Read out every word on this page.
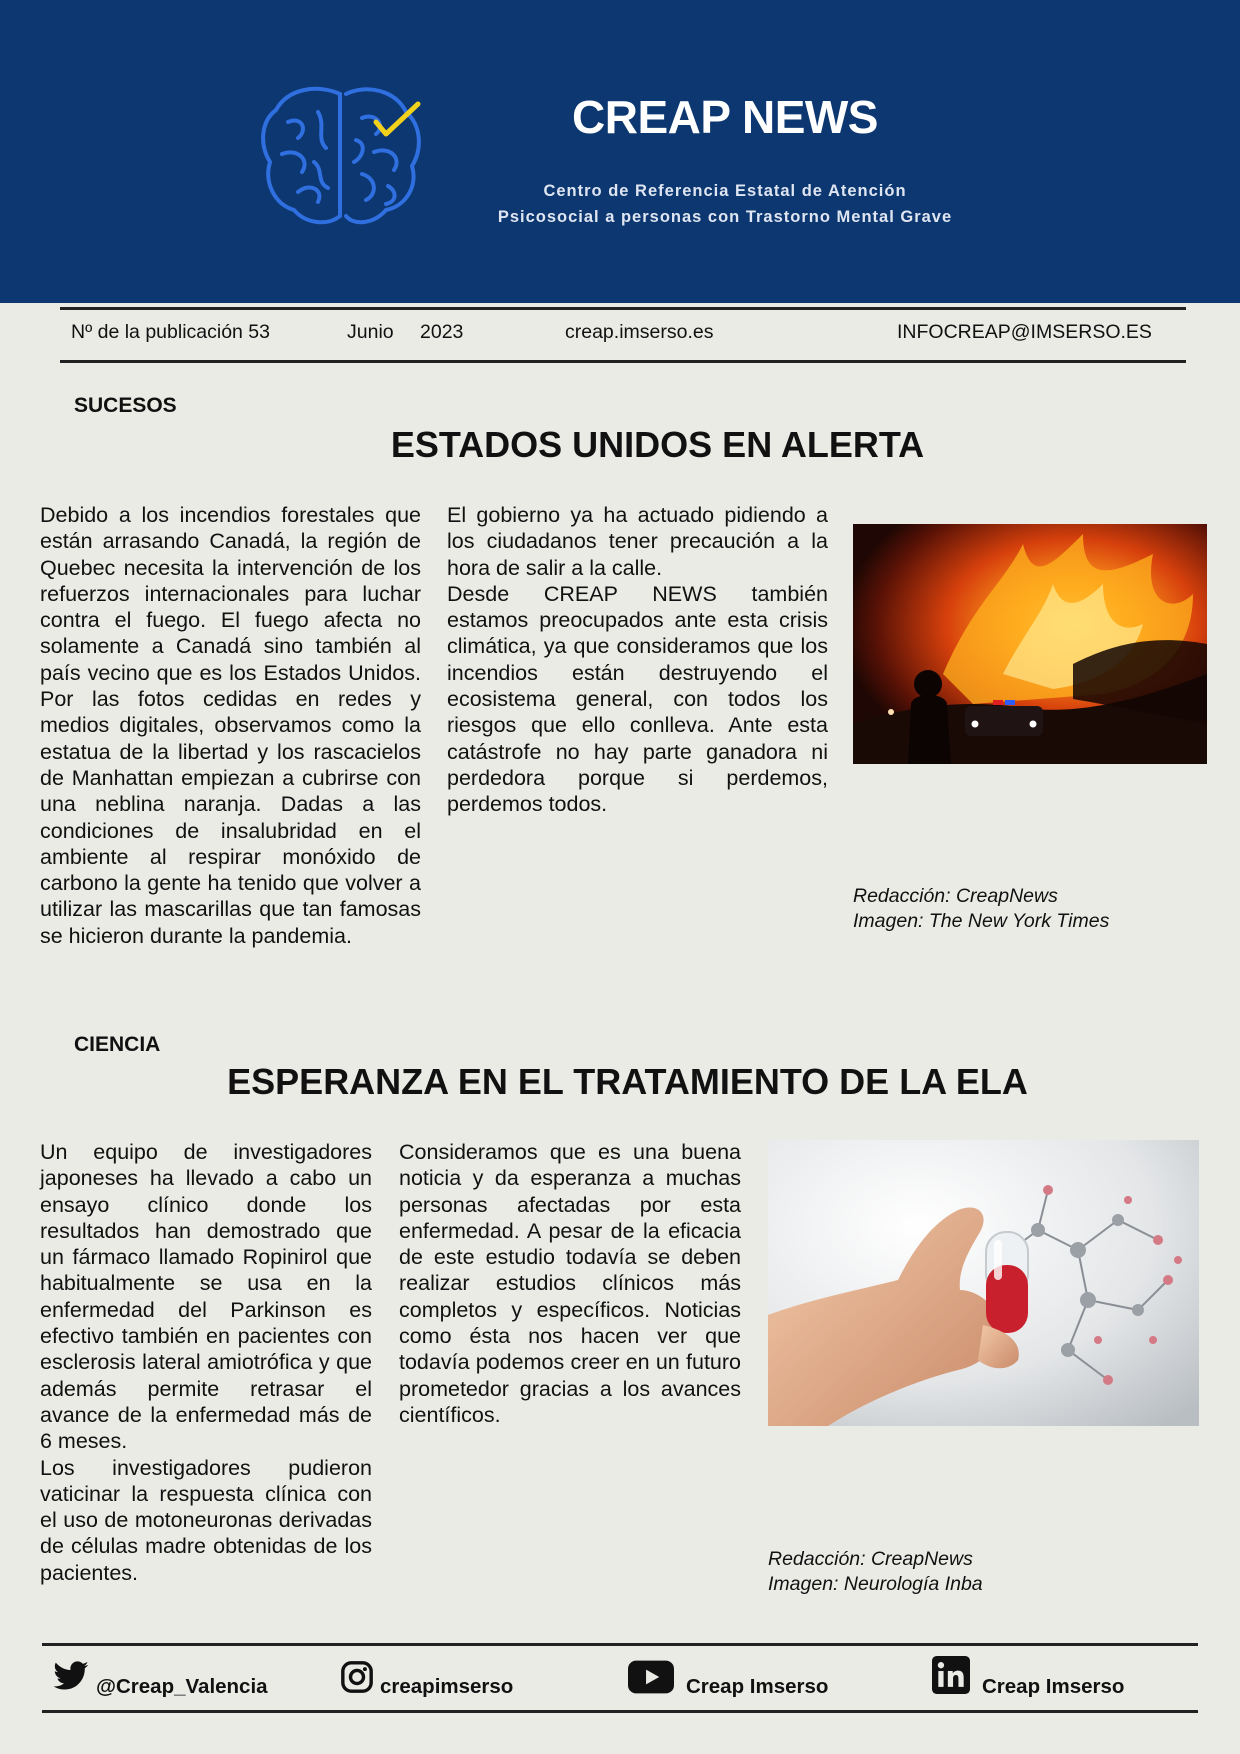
CREAP NEWS
Centro de Referencia Estatal de Atención
Psicosocial a personas con Trastorno Mental Grave
Nº de la publicación 53	Junio 2023	creap.imserso.es	INFOCREAP@IMSERSO.ES
SUCESOS
ESTADOS UNIDOS EN ALERTA

Debido a los incendios forestales que están arrasando Canadá, la región de Quebec necesita la intervención de los refuerzos internacionales para luchar contra el fuego. El fuego afecta no solamente a Canadá sino también al país vecino que es los Estados Unidos. Por las fotos cedidas en redes y medios digitales, observamos como la estatua de la libertad y los rascacielos de Manhattan empiezan a cubrirse con una neblina naranja. Dadas a las condiciones de insalubridad en el ambiente al respirar monóxido de carbono la gente ha tenido que volver a utilizar las mascarillas que tan famosas se hicieron durante la pandemia.

El gobierno ya ha actuado pidiendo a los ciudadanos tener precaución a la hora de salir a la calle.

Desde CREAP NEWS también estamos preocupados ante esta crisis climática, ya que consideramos que los incendios están destruyendo el ecosistema general, con todos los riesgos que ello conlleva. Ante esta catástrofe no hay parte ganadora ni perdedora porque si perdemos, perdemos todos.

Redacción: CreapNews
Imagen: The New York Times
CIENCIA
ESPERANZA EN EL TRATAMIENTO DE LA ELA

Un equipo de investigadores japoneses ha llevado a cabo un ensayo clínico donde los resultados han demostrado que un fármaco llamado Ropinirol que habitualmente se usa en la enfermedad del Parkinson es efectivo también en pacientes con esclerosis lateral amiotrófica y que además permite retrasar el avance de la enfermedad más de 6 meses.

Los investigadores pudieron vaticinar la respuesta clínica con el uso de motoneuronas derivadas de células madre obtenidas de los pacientes.

Consideramos que es una buena noticia y da esperanza a muchas personas afectadas por esta enfermedad. A pesar de la eficacia de este estudio todavía se deben realizar estudios clínicos más completos y específicos. Noticias como ésta nos hacen ver que todavía podemos creer en un futuro prometedor gracias a los avances científicos.

Redacción: CreapNews
Imagen: Neurología Inba
@Creap_Valencia	creapimserso	Creap Imserso	Creap Imserso
